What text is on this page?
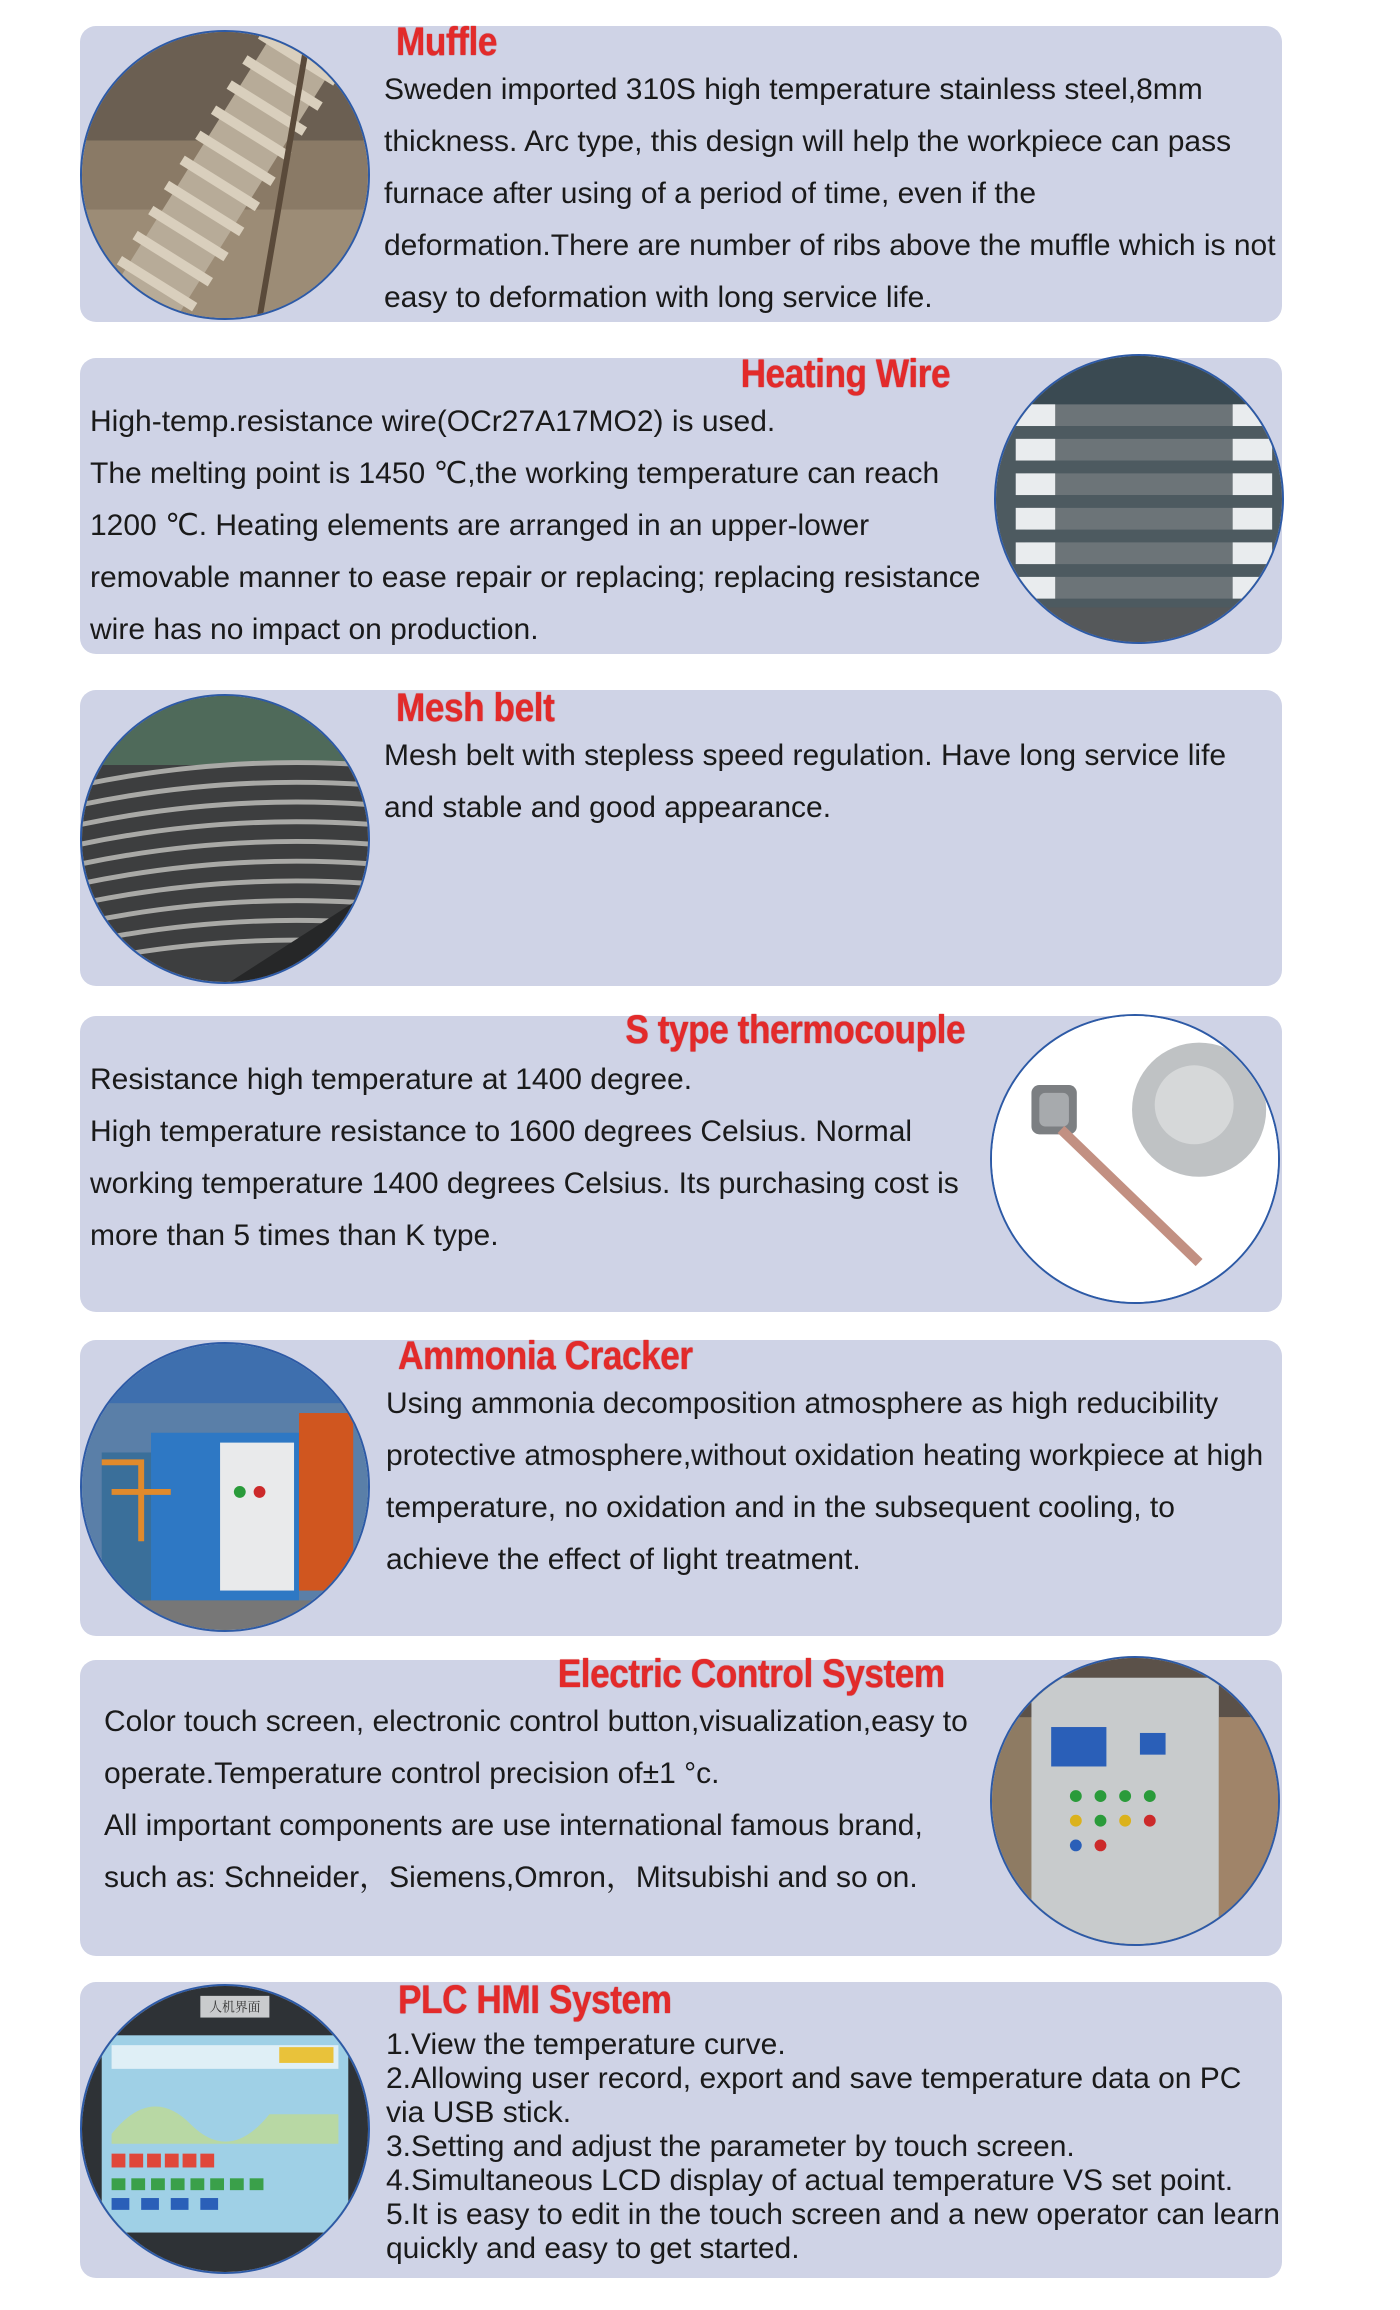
Muffle

Sweden imported 310S high temperature stainless steel,8mm thickness. Arc type, this design will help the workpiece can pass furnace after using of a period of time, even if the deformation.There are number of ribs above the muffle which is not easy to deformation with long service life.

Heating Wire

High-temp.resistance wire(OCr27A17MO2) is used.

The melting point is 1450 ℃,the working temperature can reach 1200 ℃. Heating elements are arranged in an upper-lower removable manner to ease repair or replacing; replacing resistance wire has no impact on production.

Mesh belt

Mesh belt with stepless speed regulation. Have long service life and stable and good appearance.

S type thermocouple

Resistance high temperature at 1400 degree.

High temperature resistance to 1600 degrees Celsius. Normal working temperature 1400 degrees Celsius. Its purchasing cost is more than 5 times than K type.

Ammonia Cracker

Using ammonia decomposition atmosphere as high reducibility protective atmosphere,without oxidation heating workpiece at high temperature, no oxidation and in the subsequent cooling, to achieve the effect of light treatment.

Electric Control System

Color touch screen, electronic control button,visualization,easy to operate.Temperature control precision of±1 °c.

All important components are use international famous brand, such as: Schneider，Siemens,Omron，Mitsubishi and so on.

人机界面	PLC HMI System

1.View the temperature curve.

2.Allowing user record, export and save temperature data on PC via USB stick.

3.Setting and adjust the parameter by touch screen.

4.Simultaneous LCD display of actual temperature VS set point.

5.It is easy to edit in the touch screen and a new operator can learn quickly and easy to get started.
